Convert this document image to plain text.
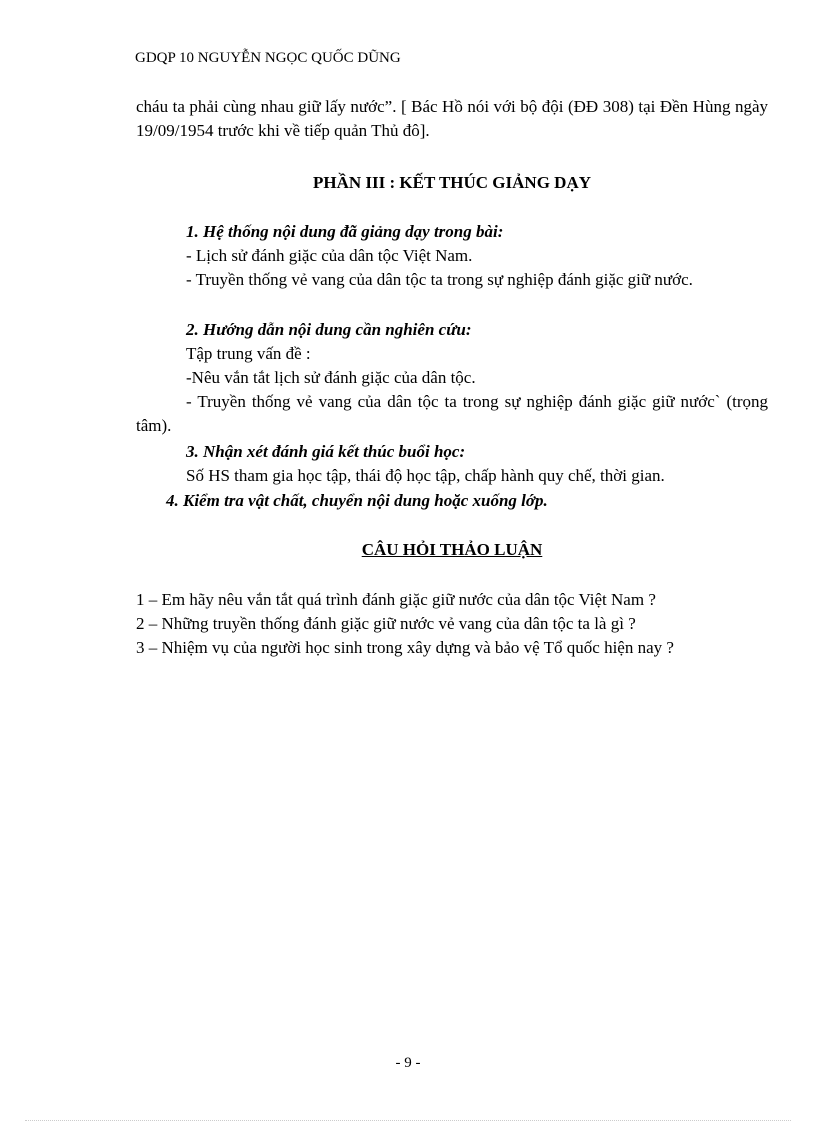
GDQP 10 NGUYỄN NGỌC QUỐC DŨNG
cháu ta phải cùng nhau giữ lấy nước”. [ Bác Hồ nói với bộ đội (ĐĐ 308) tại Đền Hùng ngày 19/09/1954 trước khi về tiếp quản Thủ đô].
PHẦN III : KẾT THÚC GIẢNG DẠY
1. Hệ thống nội dung đã giảng dạy trong bài:
- Lịch sử đánh giặc của dân tộc Việt Nam.
- Truyền thống vẻ vang của dân tộc ta trong sự nghiệp đánh giặc giữ nước.
2. Hướng dẫn nội dung cần nghiên cứu:
Tập trung vấn đề :
-Nêu vắn tắt lịch sử đánh giặc của dân tộc.
- Truyền thống vẻ vang của dân tộc ta trong sự nghiệp đánh giặc giữ nước` (trọng tâm).
3. Nhận xét đánh giá kết thúc buổi học:
Số HS tham gia học tập, thái độ học tập, chấp hành quy chế, thời gian.
4. Kiểm tra vật chất, chuyển nội dung hoặc xuống lớp.
CÂU HỎI THẢO LUẬN
1 – Em hãy nêu vắn tắt quá trình đánh giặc giữ nước của dân tộc Việt Nam ?
2 – Những truyền thống đánh giặc giữ nước vẻ vang của dân tộc ta là gì ?
3 – Nhiệm vụ của người học sinh trong xây dựng và bảo vệ Tổ quốc hiện nay ?
- 9 -
